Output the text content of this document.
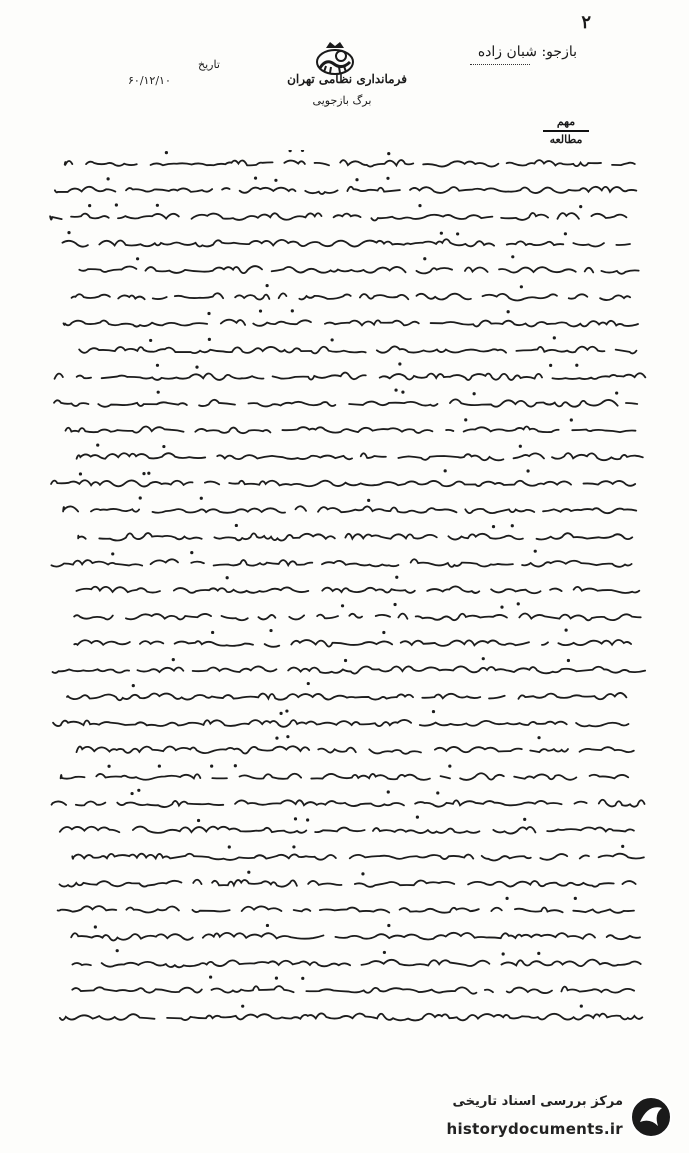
٢
بازجو: شبان زاده
فرمانداری نظامی تهران
برگ بازجویی
تاریخ
۶۰/۱۲/۱۰
مهم
مطالعه
مرکز بررسی اسناد تاریخی
historydocuments.ir
